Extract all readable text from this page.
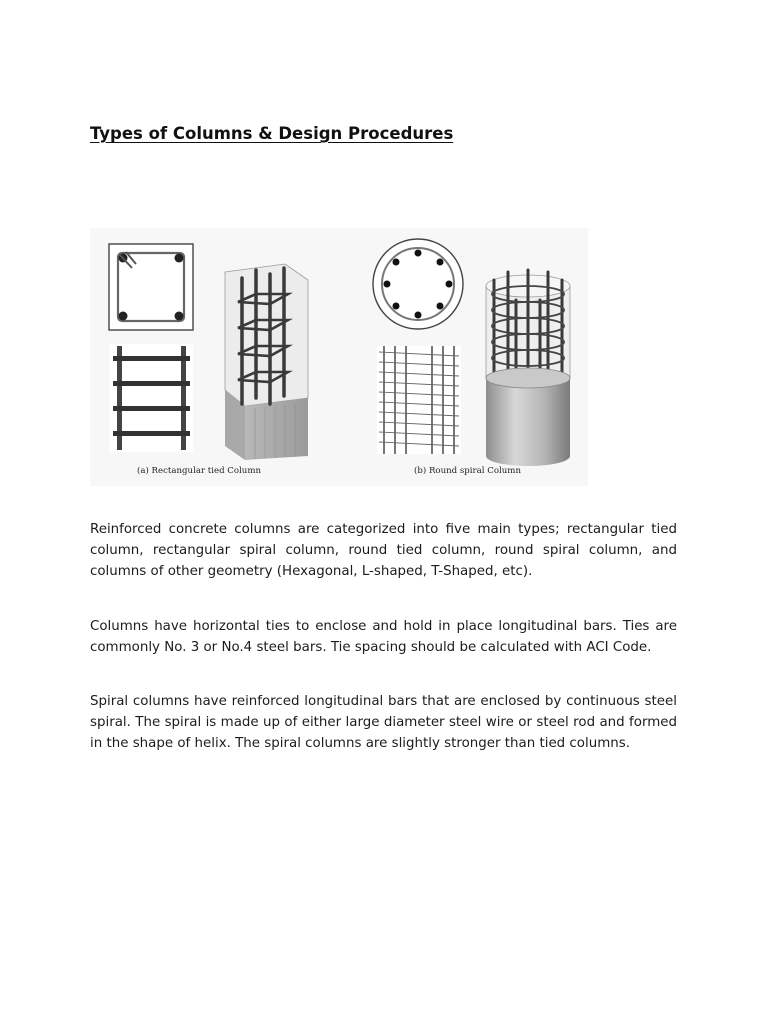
Types of Columns & Design Procedures
(a) Rectangular tied Column	(b) Round spiral Column

Reinforced concrete columns are categorized into five main types; rectangular tied column, rectangular spiral column, round tied column, round spiral column, and columns of other geometry (Hexagonal, L-shaped, T-Shaped, etc).

Columns have horizontal ties to enclose and hold in place longitudinal bars. Ties are commonly No. 3 or No.4 steel bars. Tie spacing should be calculated with ACI Code.

Spiral columns have reinforced longitudinal bars that are enclosed by continuous steel spiral. The spiral is made up of either large diameter steel wire or steel rod and formed in the shape of helix. The spiral columns are slightly stronger than tied columns.
